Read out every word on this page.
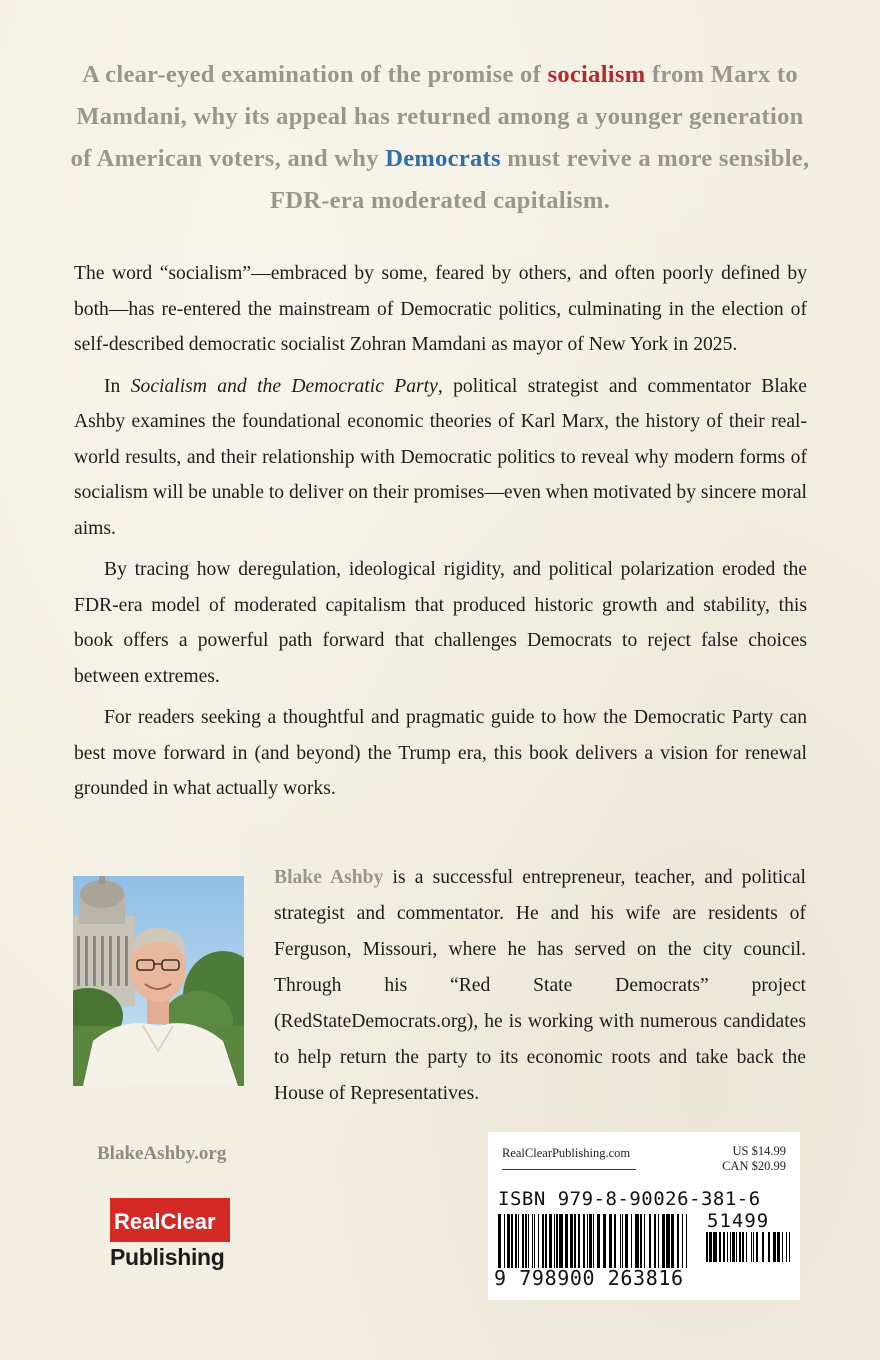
A clear-eyed examination of the promise of socialism from Marx to Mamdani, why its appeal has returned among a younger generation of American voters, and why Democrats must revive a more sensible, FDR-era moderated capitalism.

The word “socialism”—embraced by some, feared by others, and often poorly defined by both—has re-entered the mainstream of Democratic politics, culminating in the election of self-described democratic socialist Zohran Mamdani as mayor of New York in 2025.

In Socialism and the Democratic Party, political strategist and commentator Blake Ashby examines the foundational economic theories of Karl Marx, the history of their real-world results, and their relationship with Democratic politics to reveal why modern forms of socialism will be unable to deliver on their promises—even when motivated by sincere moral aims.

By tracing how deregulation, ideological rigidity, and political polarization eroded the FDR-era model of moderated capitalism that produced historic growth and stability, this book offers a powerful path forward that challenges Democrats to reject false choices between extremes.

For readers seeking a thoughtful and pragmatic guide to how the Democratic Party can best move forward in (and beyond) the Trump era, this book delivers a vision for renewal grounded in what actually works.

Blake Ashby is a successful entrepreneur, teacher, and political strategist and commentator. He and his wife are residents of Ferguson, Missouri, where he has served on the city council. Through his “Red State Democrats” project (RedStateDemocrats.org), he is working with numerous candidates to help return the party to its economic roots and take back the House of Representatives.
BlakeAshby.org
RealClear
Publishing
RealClearPublishing.com	US $14.99
CAN $20.99
ISBN 979-8-90026-381-6
51499
9 798900 263816
